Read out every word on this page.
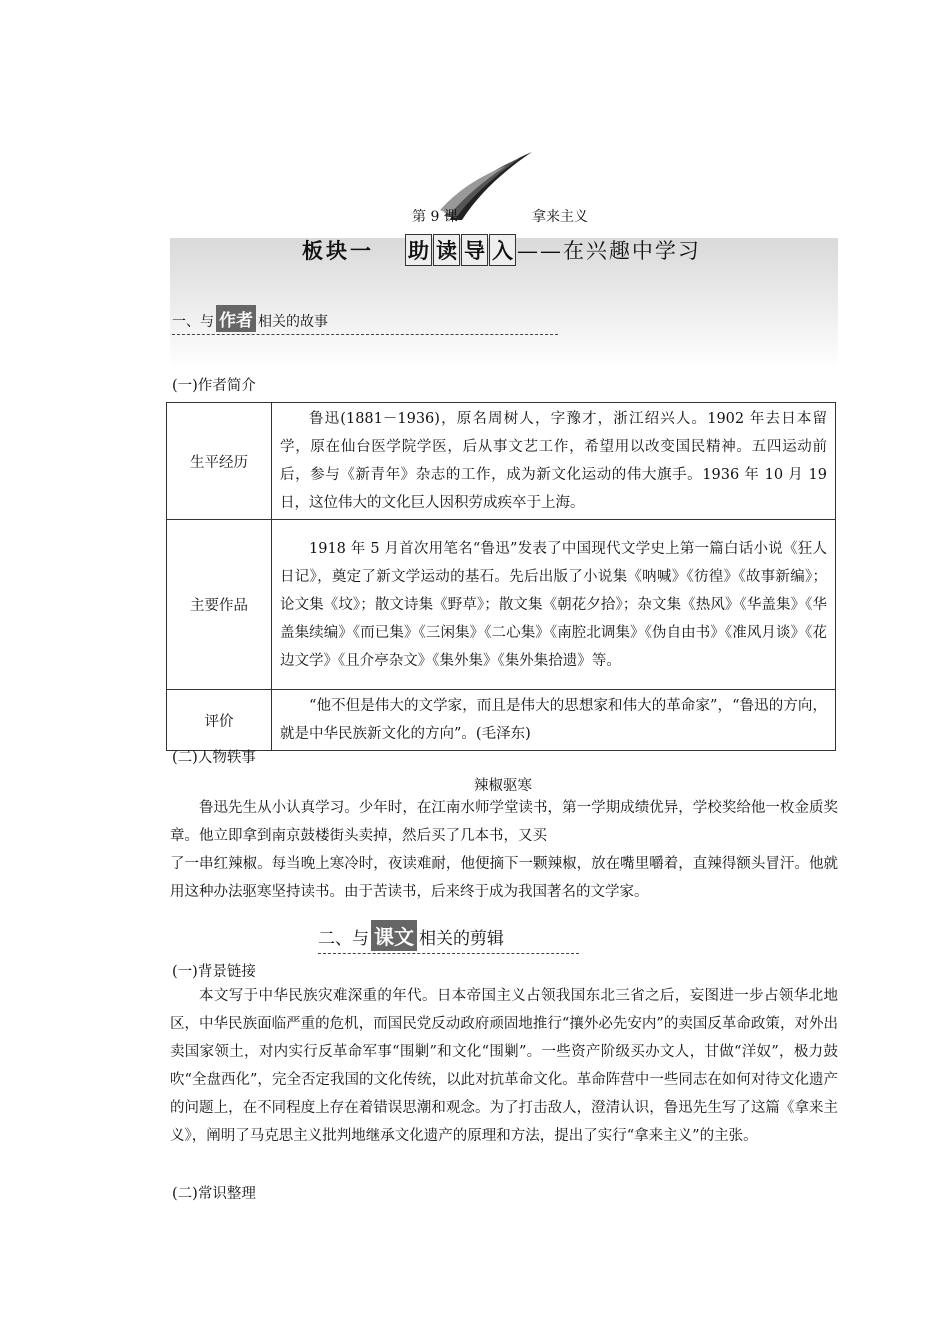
第 9 课	拿来主义
板块一 助 读 导 入 ——在兴趣中学习
一、与 作者 相关的故事
(一)作者简介
生平经历	鲁迅(1881－1936)，原名周树人，字豫才，浙江绍兴人。1902 年去日本留学，原在仙台医学院学医，后从事文艺工作，希望用以改变国民精神。五四运动前后，参与《新青年》杂志的工作，成为新文化运动的伟大旗手。1936 年 10 月 19 日，这位伟大的文化巨人因积劳成疾卒于上海。
主要作品	1918 年 5 月首次用笔名“鲁迅”发表了中国现代文学史上第一篇白话小说《狂人日记》，奠定了新文学运动的基石。先后出版了小说集《呐喊》《彷徨》《故事新编》；论文集《坟》；散文诗集《野草》；散文集《朝花夕拾》；杂文集《热风》《华盖集》《华盖集续编》《而已集》《三闲集》《二心集》《南腔北调集》《伪自由书》《准风月谈》《花边文学》《且介亭杂文》《集外集》《集外集拾遗》等。
评价	“他不但是伟大的文学家，而且是伟大的思想家和伟大的革命家”，“鲁迅的方向，就是中华民族新文化的方向”。(毛泽东)
(二)人物轶事
辣椒驱寒

鲁迅先生从小认真学习。少年时，在江南水师学堂读书，第一学期成绩优异，学校奖给他一枚金质奖章。他立即拿到南京鼓楼街头卖掉，然后买了几本书，又买

了一串红辣椒。每当晚上寒冷时，夜读难耐，他便摘下一颗辣椒，放在嘴里嚼着，直辣得额头冒汗。他就用这种办法驱寒坚持读书。由于苦读书，后来终于成为我国著名的文学家。

二、与 课文 相关的剪辑
(一)背景链接

本文写于中华民族灾难深重的年代。日本帝国主义占领我国东北三省之后，妄图进一步占领华北地区，中华民族面临严重的危机，而国民党反动政府顽固地推行“攘外必先安内”的卖国反革命政策，对外出卖国家领土，对内实行反革命军事“围剿”和文化“围剿”。一些资产阶级买办文人，甘做“洋奴”，极力鼓吹“全盘西化”，完全否定我国的文化传统，以此对抗革命文化。革命阵营中一些同志在如何对待文化遗产的问题上，在不同程度上存在着错误思潮和观念。为了打击敌人，澄清认识，鲁迅先生写了这篇《拿来主义》，阐明了马克思主义批判地继承文化遗产的原理和方法，提出了实行“拿来主义”的主张。

(二)常识整理
